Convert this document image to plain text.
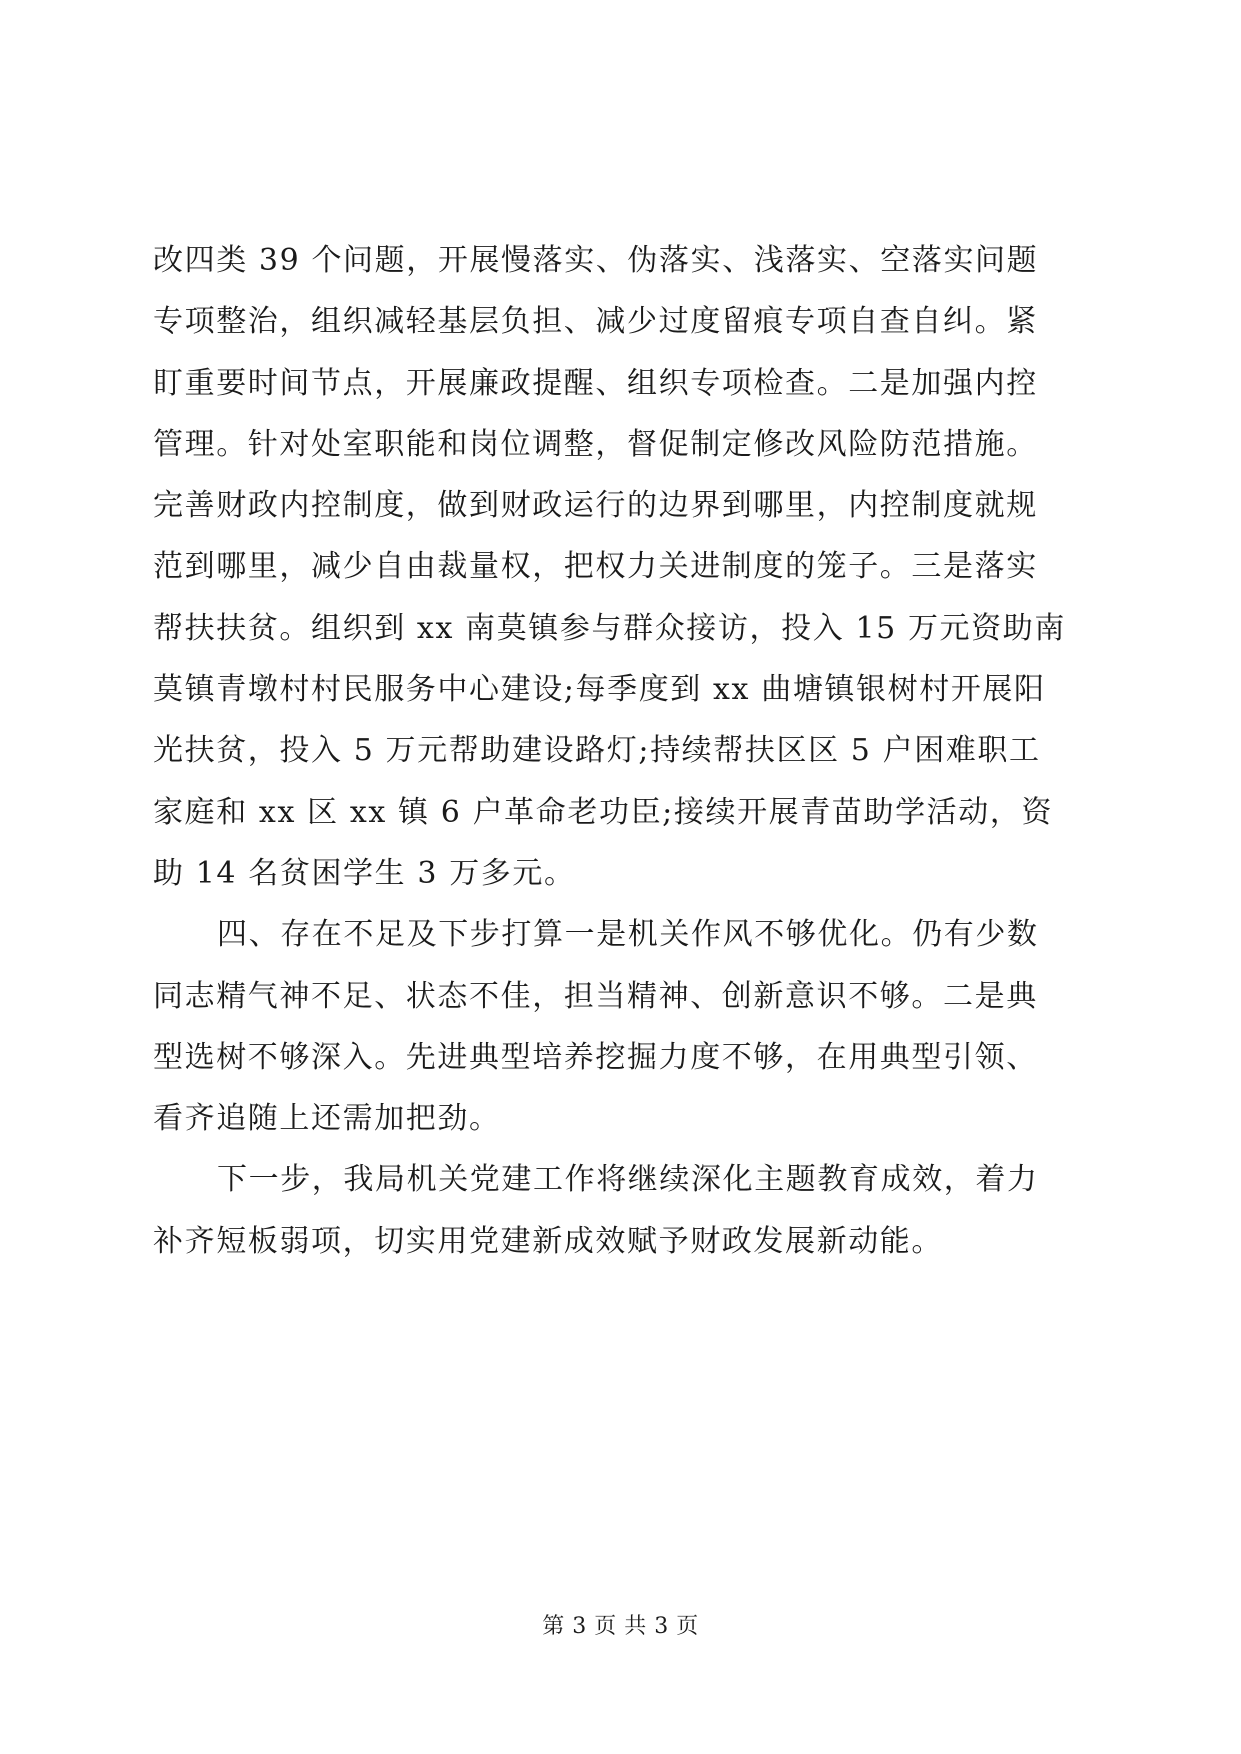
改四类 39 个问题，开展慢落实、伪落实、浅落实、空落实问题
专项整治，组织减轻基层负担、减少过度留痕专项自查自纠。紧
盯重要时间节点，开展廉政提醒、组织专项检查。二是加强内控
管理。针对处室职能和岗位调整，督促制定修改风险防范措施。
完善财政内控制度，做到财政运行的边界到哪里，内控制度就规
范到哪里，减少自由裁量权，把权力关进制度的笼子。三是落实
帮扶扶贫。组织到 xx 南莫镇参与群众接访，投入 15 万元资助南
莫镇青墩村村民服务中心建设;每季度到 xx 曲塘镇银树村开展阳
光扶贫，投入 5 万元帮助建设路灯;持续帮扶区区 5 户困难职工
家庭和 xx 区 xx 镇 6 户革命老功臣;接续开展青苗助学活动，资
助 14 名贫困学生 3 万多元。
四、存在不足及下步打算一是机关作风不够优化。仍有少数
同志精气神不足、状态不佳，担当精神、创新意识不够。二是典
型选树不够深入。先进典型培养挖掘力度不够，在用典型引领、
看齐追随上还需加把劲。
下一步，我局机关党建工作将继续深化主题教育成效，着力
补齐短板弱项，切实用党建新成效赋予财政发展新动能。
第 3 页 共 3 页
